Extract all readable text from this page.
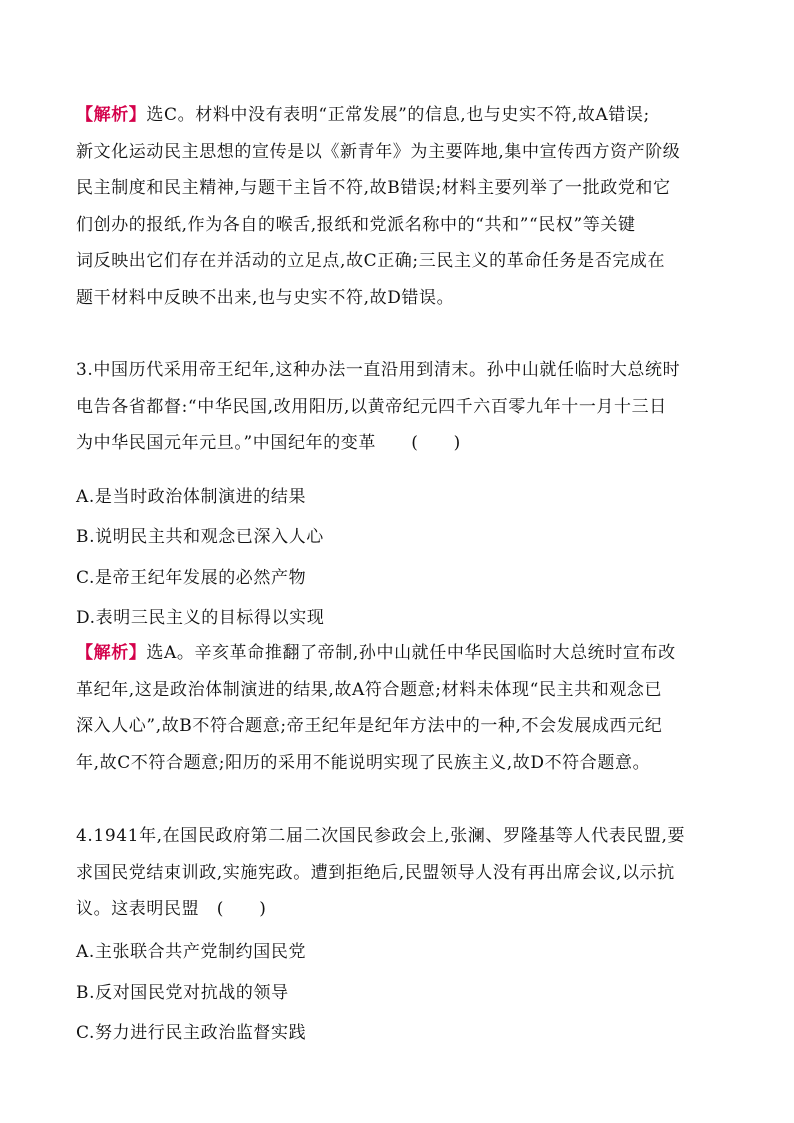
【解析】选C。材料中没有表明“正常发展”的信息,也与史实不符,故A错误;
新文化运动民主思想的宣传是以《新青年》为主要阵地,集中宣传西方资产阶级
民主制度和民主精神,与题干主旨不符,故B错误;材料主要列举了一批政党和它
们创办的报纸,作为各自的喉舌,报纸和党派名称中的“共和”“民权”等关键
词反映出它们存在并活动的立足点,故C正确;三民主义的革命任务是否完成在
题干材料中反映不出来,也与史实不符,故D错误。
3.中国历代采用帝王纪年,这种办法一直沿用到清末。孙中山就任临时大总统时
电告各省都督:“中华民国,改用阳历,以黄帝纪元四千六百零九年十一月十三日
为中华民国元年元旦。”中国纪年的变革　　(　　)
A.是当时政治体制演进的结果
B.说明民主共和观念已深入人心
C.是帝王纪年发展的必然产物
D.表明三民主义的目标得以实现
【解析】选A。辛亥革命推翻了帝制,孙中山就任中华民国临时大总统时宣布改
革纪年,这是政治体制演进的结果,故A符合题意;材料未体现“民主共和观念已
深入人心”,故B不符合题意;帝王纪年是纪年方法中的一种,不会发展成西元纪
年,故C不符合题意;阳历的采用不能说明实现了民族主义,故D不符合题意。
4.1941年,在国民政府第二届二次国民参政会上,张澜、罗隆基等人代表民盟,要
求国民党结束训政,实施宪政。遭到拒绝后,民盟领导人没有再出席会议,以示抗
议。这表明民盟　(　　)
A.主张联合共产党制约国民党
B.反对国民党对抗战的领导
C.努力进行民主政治监督实践
